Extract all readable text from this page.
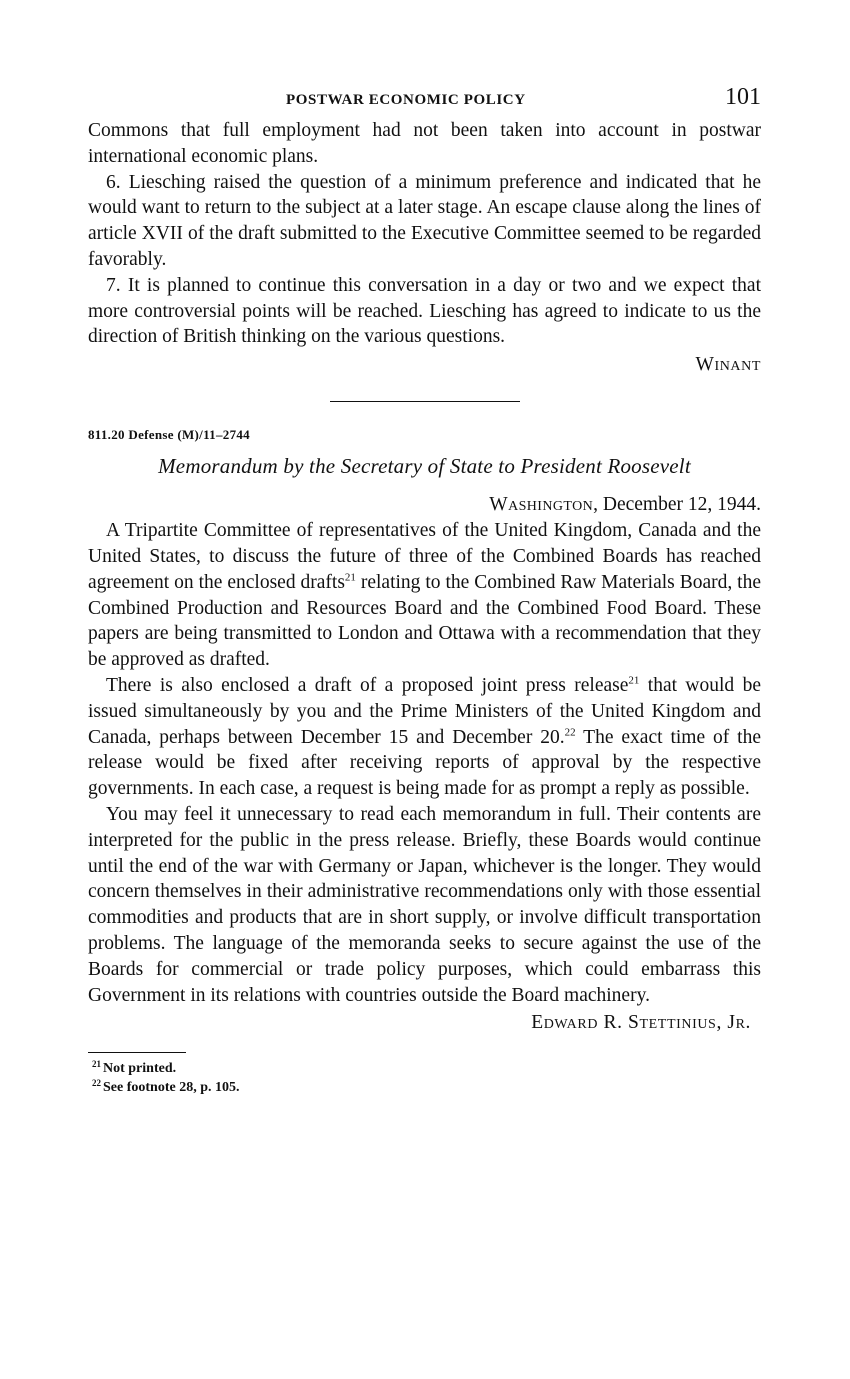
POSTWAR ECONOMIC POLICY	101

Commons that full employment had not been taken into account in postwar international economic plans.

6. Liesching raised the question of a minimum preference and indicated that he would want to return to the subject at a later stage. An escape clause along the lines of article XVII of the draft submitted to the Executive Committee seemed to be regarded favorably.

7. It is planned to continue this conversation in a day or two and we expect that more controversial points will be reached. Liesching has agreed to indicate to us the direction of British thinking on the various questions.

Winant

811.20 Defense (M)/11–2744

Memorandum by the Secretary of State to President Roosevelt

Washington, December 12, 1944.

A Tripartite Committee of representatives of the United Kingdom, Canada and the United States, to discuss the future of three of the Combined Boards has reached agreement on the enclosed drafts$^{21}$ relating to the Combined Raw Materials Board, the Combined Production and Resources Board and the Combined Food Board. These papers are being transmitted to London and Ottawa with a recommendation that they be approved as drafted.

There is also enclosed a draft of a proposed joint press release$^{21}$ that would be issued simultaneously by you and the Prime Ministers of the United Kingdom and Canada, perhaps between December 15 and December 20.22 The exact time of the release would be fixed after receiving reports of approval by the respective governments. In each case, a request is being made for as prompt a reply as possible.

You may feel it unnecessary to read each memorandum in full. Their contents are interpreted for the public in the press release. Briefly, these Boards would continue until the end of the war with Germany or Japan, whichever is the longer. They would concern themselves in their administrative recommendations only with those essential commodities and products that are in short supply, or involve difficult transportation problems. The language of the memoranda seeks to secure against the use of the Boards for commercial or trade policy purposes, which could embarrass this Government in its relations with countries outside the Board machinery.

Edward R. Stettinius, Jr.

$^{21}$ Not printed.
$^{22}$ See footnote 28, p. 105.
